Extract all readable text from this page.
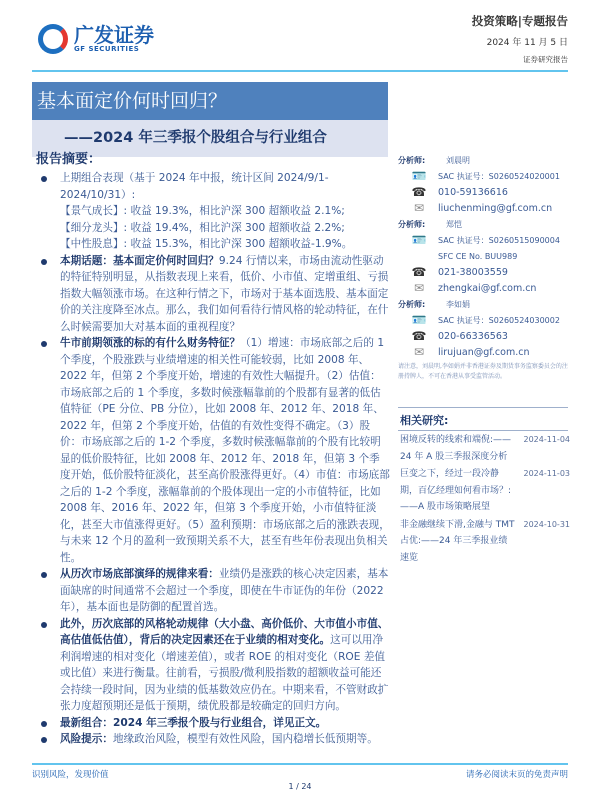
广发证券
GF SECURITIES
投资策略|专题报告
2024 年 11 月 5 日
证券研究报告
基本面定价何时回归？
——2024 年三季报个股组合与行业组合
报告摘要：
上期组合表现（基于 2024 年中报，统计区间 2024/9/1-2024/10/31）:
【景气成长】: 收益 19.3%，相比沪深 300 超额收益 2.1%;
【细分龙头】: 收益 19.4%，相比沪深 300 超额收益 2.2%;
【中性股息】: 收益 15.3%，相比沪深 300 超额收益-1.9%。
本期话题：基本面定价何时回归？9.24 行情以来，市场由流动性驱动的特征特别明显，从指数表现上来看，低价、小市值、定增重组、亏损指数大幅领涨市场。在这种行情之下，市场对于基本面选股、基本面定价的关注度降至冰点。那么，我们如何看待行情风格的轮动特征，在什么时候需要加大对基本面的重视程度？
牛市前期领涨的标的有什么财务特征？（1）增速：市场底部之后的 1 个季度，个股涨跌与业绩增速的相关性可能较弱，比如 2008 年、2022 年，但第 2 个季度开始，增速的有效性大幅提升。（2）估值：市场底部之后的 1 个季度，多数时候涨幅靠前的个股都有显著的低估值特征（PE 分位、PB 分位），比如 2008 年、2012 年、2018 年、2022 年，但第 2 个季度开始，估值的有效性变得不确定。（3）股价：市场底部之后的 1-2 个季度，多数时候涨幅靠前的个股有比较明显的低价股特征，比如 2008 年、2012 年、2018 年，但第 3 个季度开始，低价股特征淡化，甚至高价股涨得更好。（4）市值：市场底部之后的 1-2 个季度，涨幅靠前的个股体现出一定的小市值特征，比如 2008 年、2016 年、2022 年，但第 3 个季度开始，小市值特征淡化，甚至大市值涨得更好。（5）盈利预期：市场底部之后的涨跌表现，与未来 12 个月的盈利一致预期关系不大，甚至有些年份表现出负相关性。
从历次市场底部演绎的规律来看：业绩仍是涨跌的核心决定因素，基本面缺席的时间通常不会超过一个季度，即使在牛市证伪的年份（2022 年），基本面也是防御的配置首选。
此外，历次底部的风格轮动规律（大小盘、高价低价、大市值小市值、高估值低估值），背后的决定因素还在于业绩的相对变化。这可以用净利润增速的相对变化（增速差值），或者 ROE 的相对变化（ROE 差值或比值）来进行衡量。往前看，亏损股/微利股指数的超额收益可能还会持续一段时间，因为业绩的低基数效应仍在。中期来看，不管财政扩张力度超预期还是低于预期，绩优股都是较确定的回归方向。
最新组合：2024 年三季报个股与行业组合，详见正文。
风险提示：地缘政治风险，模型有效性风险，国内稳增长低预期等。
分析师:	刘晨明
🪪	SAC 执证号：S0260524020001
☎	010-59136616
✉	liuchenming@gf.com.cn
分析师:	郑恺
🪪	SAC 执证号：S0260515090004
SFC CE No. BUU989
☎	021-38003559
✉	zhengkai@gf.com.cn
分析师:	李如娟
🪪	SAC 执证号：S0260524030002
☎	020-66336563
✉	lirujuan@gf.com.cn
请注意，刘晨明,李如娟并非香港证券及期货事务监察委员会的注册持牌人，不可在香港从事受监管活动。
相关研究:
困境反转的线索和端倪:——24 年 A 股三季报深度分析
2024-11-04
巨变之下，经过一段冷静期，百亿经理如何看市场？:——A 股市场策略展望
2024-11-03
非金融继续下滑,金融与 TMT 占优:——24 年三季报业绩速览
2024-10-31
识别风险，发现价值	请务必阅读末页的免责声明
1 / 24
